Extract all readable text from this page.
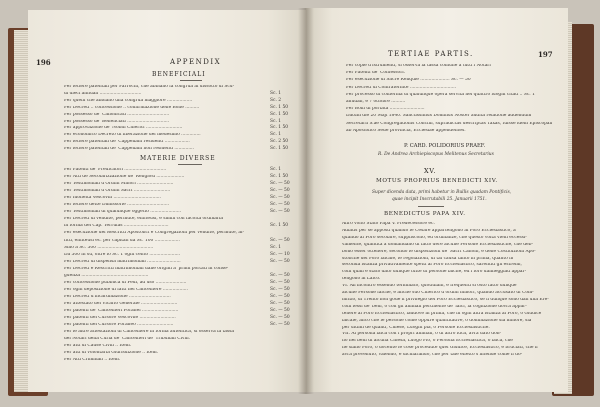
196	APPENDIX
BENEFICIALI
Per lettere patentali per Parrochi, che abbiano la congrua al dissotto di Scu-
di dieci annuali ..............................	Sc. 1
Per quelli che abbiano una congrua maggiore ..................	Sc. 2
Per Decreti .. concessione .. confirmazione delle Bolle ..........	Sc. 1 50
Per possesso de' Canonicati ..............................	Sc. 1 50
Per possesso de' Beneficiati ..............................	Sc. 1
Per approvazione de' Nobili Chierici ..........................	Sc. 1 50
Per economico Decreto di liberazione del medesimo ..............	Sc. 1
Per lettere patentali de' Cappellani residenti ..................	Sc. 2 50
Per lettere patentali de' Cappellani non residenti ..............	Sc. 1 50
MATERIE DIVERSE
Per Patenti de' Predicatori ..............................	Sc. 1
Per Atti de Secolarizzazione de' Religiosi ....................	Sc. 1 50
Per Testimoniali d'Ordini Minori ..........................	Sc. — 50
Per Testimoniali d'Ordini Sacri ..........................	Sc. — 50
Per Idoneità Vescovili ..................................	Sc. — 50
Per lettere dette Dimissorie ..............................	Sc. — 50
Per Testimoniali di qualunque oggetto ......................	Sc. — 50
Per Decreti di vendite, permute, enfiteusi, e simili con facoltà ordinaria
in forma del Cap. Terrulas ................................	Sc. 1 50
Per esecuzione dei Rescritti Apostolici e Congregazioni per vendite, permute, af-
fitti, enfiteusi ec. per capitali da Sc. 100 ..................	Sc. — 50
Sino a Sc. 500 ........................................	Sc. 1
Da 500 in su, oltre lo Sc. 1 ogni cento ......................	Sc. — 10
Per Decreti di dispensa matrimoniali ........................	Sc. — 50
Per Decreti e Rescritti matrimoniali dalle origini a' primi portati in conse-
guenza ................................................	Sc. — 50
Per concessione pubblica di Fedi, ad uso ......................	Sc. — 50
Per ogni deposizione di fatti nel Cancelliere ..................	Sc. — 50
Per Decreti d'incardinazione ..............................	Sc. — 50
Per attestato del Vicario Generale ..........................	Sc. — 50
Per patenti de' Cancellieri Foranei ..........................	Sc. — 50
Per patenti del Cursore Vescovile ..........................	Sc. — 50
Per patenti del Cursore Foraneo ..........................	Sc. — 50
Per le altre attestazioni di Cancelliere in forma autentica, si osserva la tassa
dei Notari della Curia de' Cancellieri de' Tribunali Civili.
Per atti di Cause Civili .. Item.
Per atti di volontaria Giurisdizione .. Item.
Per Atti Criminali .. Item.
TERTIAE PARTIS.	197
Per copie d'istrumenti, si osserva la tassa comune a tutti i Notari
Per Patenti de' Confessori.
Per esecuzione di Sacre Reliquie ..................... Sc. — 50
Per Decreti di Confraternite .................................
Per processo di conferma di qualunque opera servita nei quattro luoghi citati .. Sc. 1
anuuali, e 7 ottobre ..........
Per Bolli di portata .........................
Datum die 20 Maji 1840. Sanctissimus Dominus Noster audita relatione addendum
Secretarii S.ae Congregationis Concilii, supradictas descriptas Taxas, fuisse idem Episcopali
ab Apostolico Sede provincia, Ecclesiae appendentes.
P. CARD. POLIDORIUS PRAEF.
R. De Andrea Archiepiscopus Melitenus Secretarius
XV.
MOTUS PROPRIUS BENEDICTI XIV.
Super dicenda data, primi habetur in Bullis quadam Pontificis,
quae incipit Inscrutabili 25. Januarii 1751.
BENEDICTUS PAPA XIV.
Aliro volto Stato Papa V. Predecessore ec.
Adlatis per se apposti quando le Cesare appartengono al Foro Ecclesiastico, a
quando al Foro secolare, suppliscono, ed ordinanze, che questo volta vieni eccessi-
vamente, quantità a domandano di fatto dere alcune Persone Ecclesiastiche, che deb-
bono esser ottenere, secondo le disposizioni de' Sacri Canoni, e delle Costituzioni Apo-
stoliche del Foro laicale, le regolazioni, di tal causa tanto in prima, quanto in
seconda istanza privativamente spetti al Foro Ecclesiastico, sarentiti gli estremi,
colli quali è stato dato dunque tutte di persone laiche, ed i loro danneggiati appar-
tengono al Laico.
VI. All'incontro essendo terminato, quotidiani, e frequenti sì ostò fatto dunque
alcune Persone laiche, e anche suo Chierico d'ordini minori, quando accusato di Com-
mittio, di Trento non gode il privilegio del Foro Ecclesiastico, se il dunque sono dall'una Ere-
colli lessi de' beni, o con gli animali pertinente de' laici, la cognizione dovrà appar-
tenere al Foro Ecclesiastico, laddove in prima, che in ogni altra istanza al Foro, o Giudice
laicale, anco ché le persone come oppure quantitative, o dominazione sia minore, sia
per ultimi de quanti, Chiese, Luoghi pia, o Persone Ecclesiastiche.
VII. Al persona laica con i propri animali, o di altro luca, avrà dato don-
no nei beni di alcuna Chiesa, Luogo Pio, o Persona Ecclesiastica, o laica, che
ne siano Foro, o docente le cose procedute quel Giudice, Ecclesiastico, e bruciati, che il
avrà prevenuto, valendo, e dichiarando, che per tale effetto s'intende come il do-
